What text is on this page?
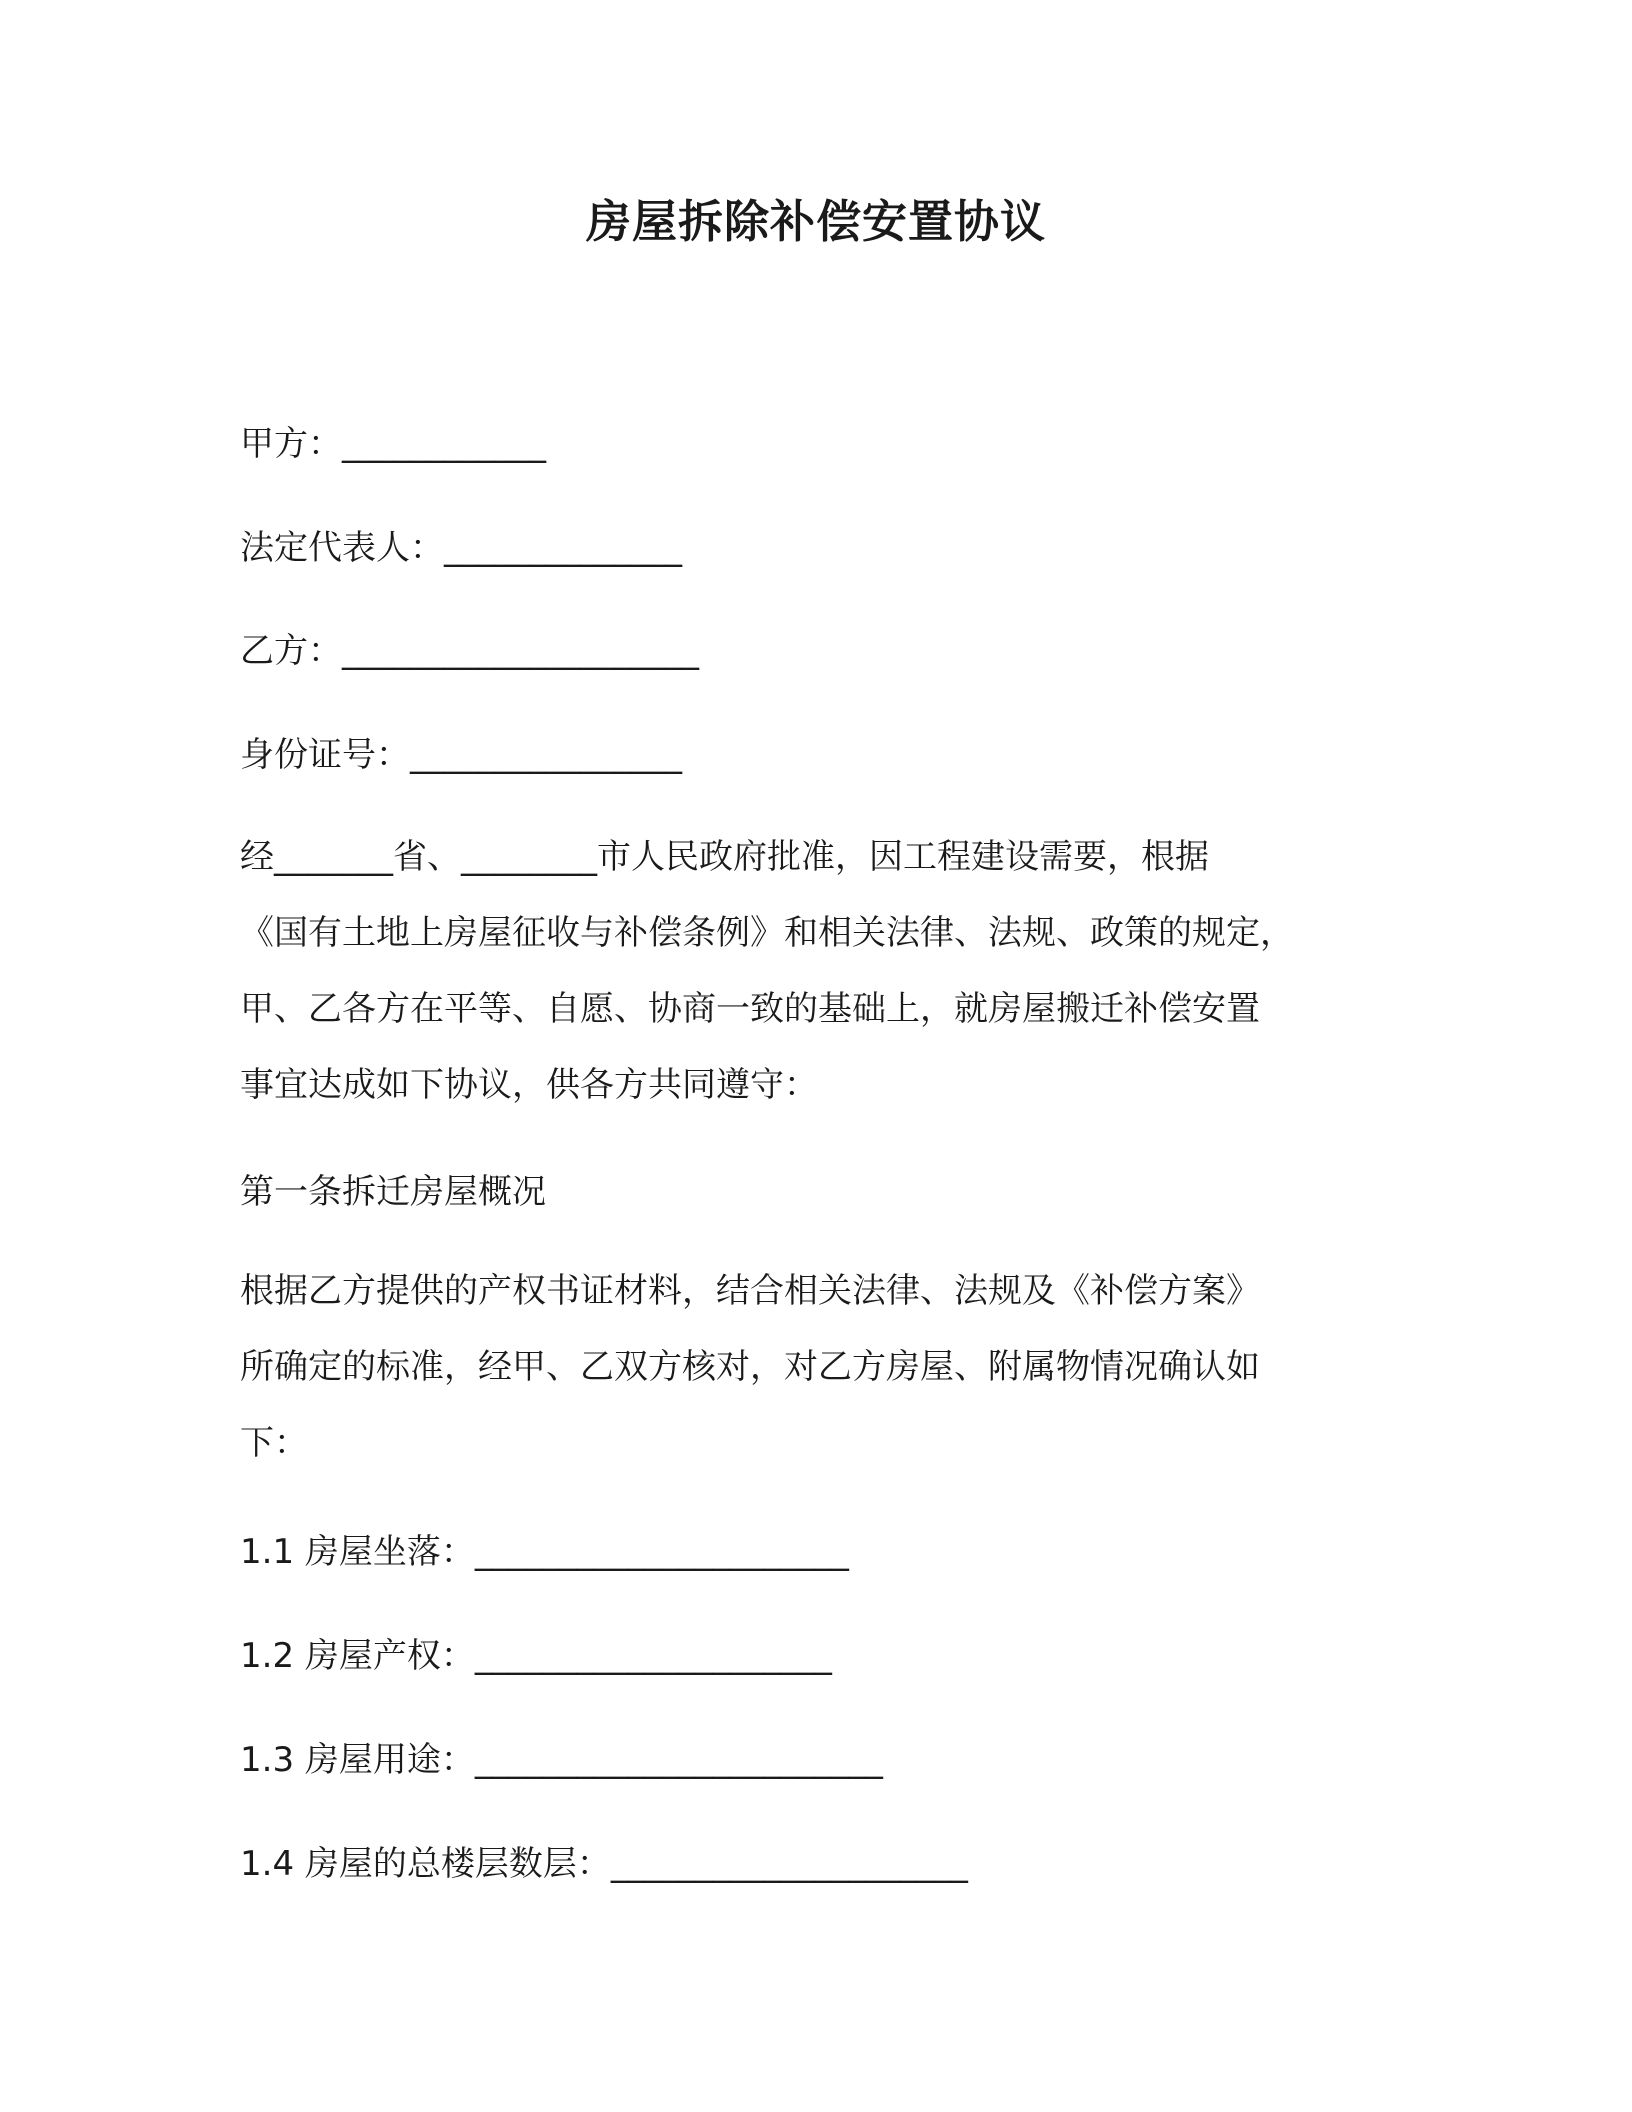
房屋拆除补偿安置协议
甲方：____________
法定代表人：______________
乙方：_____________________
身份证号：________________
经_______省、________市人民政府批准，因工程建设需要，根据
《国有土地上房屋征收与补偿条例》和相关法律、法规、政策的规定，
甲、乙各方在平等、自愿、协商一致的基础上，就房屋搬迁补偿安置
事宜达成如下协议，供各方共同遵守：
第一条拆迁房屋概况
根据乙方提供的产权书证材料，结合相关法律、法规及《补偿方案》
所确定的标准，经甲、乙双方核对，对乙方房屋、附属物情况确认如
下：
1.1 房屋坐落：______________________
1.2 房屋产权：_____________________
1.3 房屋用途：________________________
1.4 房屋的总楼层数层：_____________________
